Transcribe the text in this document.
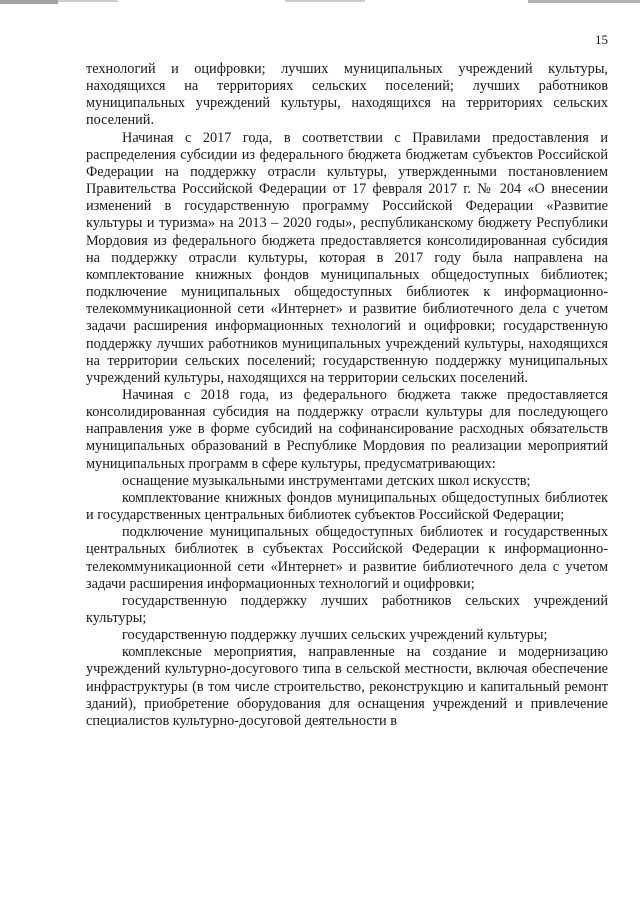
15

технологий и оцифровки; лучших муниципальных учреждений культуры, находящихся на территориях сельских поселений; лучших работников муниципальных учреждений культуры, находящихся на территориях сельских поселений.

Начиная с 2017 года, в соответствии с Правилами предоставления и распределения субсидии из федерального бюджета бюджетам субъектов Российской Федерации на поддержку отрасли культуры, утвержденными постановлением Правительства Российской Федерации от 17 февраля 2017 г. № 204 «О внесении изменений в государственную программу Российской Федерации «Развитие культуры и туризма» на 2013 – 2020 годы», республиканскому бюджету Республики Мордовия из федерального бюджета предоставляется консолидированная субсидия на поддержку отрасли культуры, которая в 2017 году была направлена на комплектование книжных фондов муниципальных общедоступных библиотек; подключение муниципальных общедоступных библиотек к информационно-телекоммуникационной сети «Интернет» и развитие библиотечного дела с учетом задачи расширения информационных технологий и оцифровки; государственную поддержку лучших работников муниципальных учреждений культуры, находящихся на территории сельских поселений; государственную поддержку муниципальных учреждений культуры, находящихся на территории сельских поселений.

Начиная с 2018 года, из федерального бюджета также предоставляется консолидированная субсидия на поддержку отрасли культуры для последующего направления уже в форме субсидий на софинансирование расходных обязательств муниципальных образований в Республике Мордовия по реализации мероприятий муниципальных программ в сфере культуры, предусматривающих:

оснащение музыкальными инструментами детских школ искусств;

комплектование книжных фондов муниципальных общедоступных библиотек и государственных центральных библиотек субъектов Российской Федерации;

подключение муниципальных общедоступных библиотек и государственных центральных библиотек в субъектах Российской Федерации к информационно-телекоммуникационной сети «Интернет» и развитие библиотечного дела с учетом задачи расширения информационных технологий и оцифровки;

государственную поддержку лучших работников сельских учреждений культуры;

государственную поддержку лучших сельских учреждений культуры;

комплексные мероприятия, направленные на создание и модернизацию учреждений культурно-досугового типа в сельской местности, включая обеспечение инфраструктуры (в том числе строительство, реконструкцию и капитальный ремонт зданий), приобретение оборудования для оснащения учреждений и привлечение специалистов культурно-досуговой деятельности в
